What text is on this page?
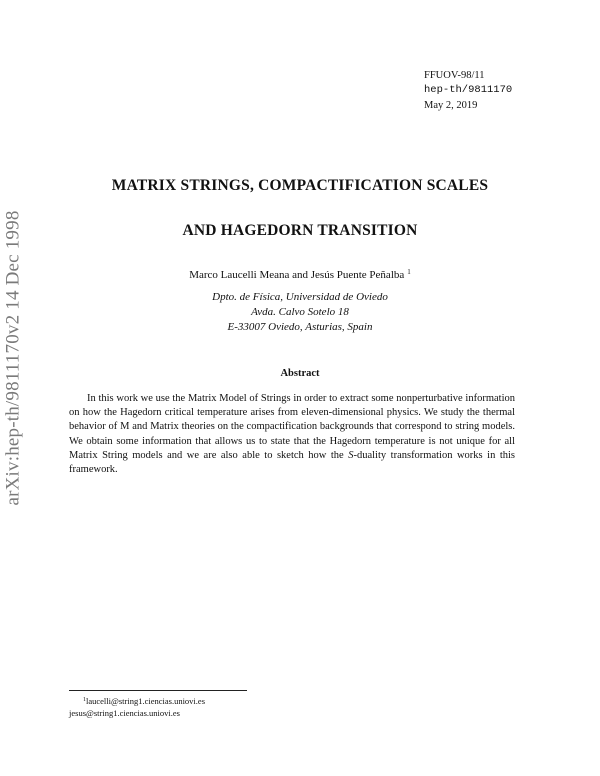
arXiv:hep-th/9811170v2 14 Dec 1998
FFUOV-98/11
hep-th/9811170
May 2, 2019
MATRIX STRINGS, COMPACTIFICATION SCALES
AND HAGEDORN TRANSITION
Marco Laucelli Meana and Jesús Puente Peñalba $^1$
Dpto. de Física, Universidad de Oviedo
Avda. Calvo Sotelo 18
E-33007 Oviedo, Asturias, Spain
Abstract

In this work we use the Matrix Model of Strings in order to extract some nonperturbative information on how the Hagedorn critical temperature arises from eleven-dimensional physics. We study the thermal behavior of M and Matrix theories on the compactification backgrounds that correspond to string models. We obtain some information that allows us to state that the Hagedorn temperature is not unique for all Matrix String models and we are also able to sketch how the S-duality transformation works in this framework.

$^1$laucelli@string1.ciencias.uniovi.es
jesus@string1.ciencias.uniovi.es
